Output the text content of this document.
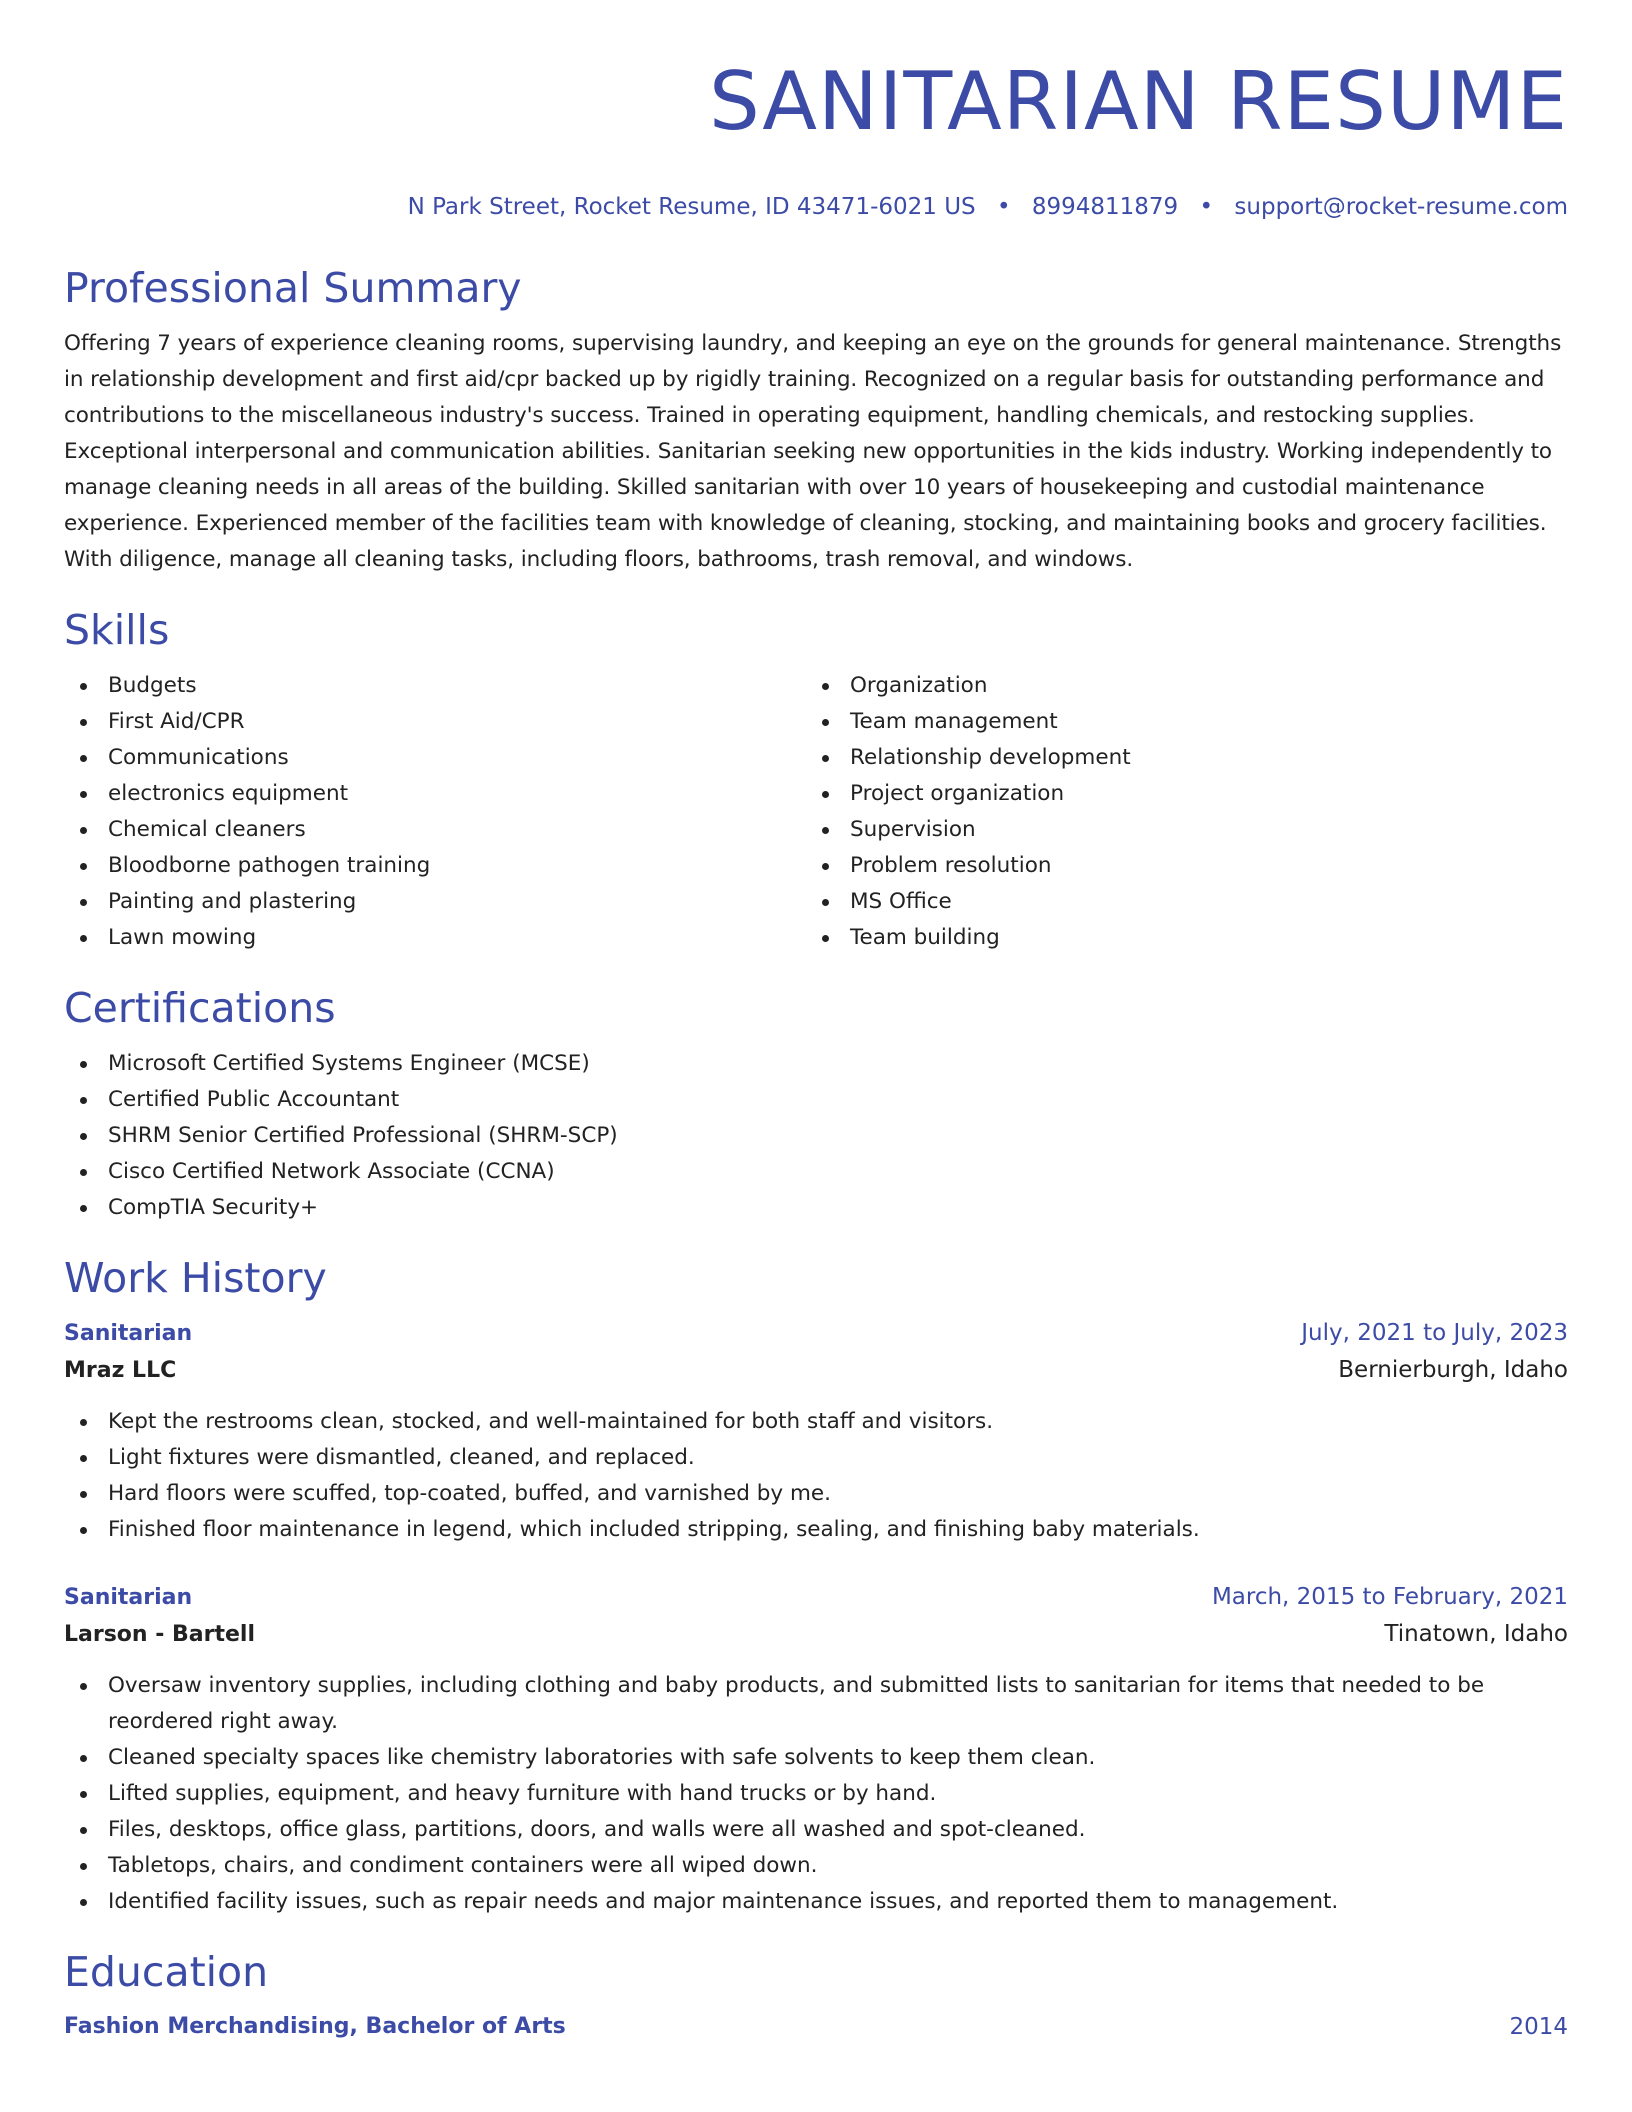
SANITARIAN RESUME
N Park Street, Rocket Resume, ID 43471-6021 US • 8994811879 • support@rocket-resume.com
Professional Summary

Offering 7 years of experience cleaning rooms, supervising laundry, and keeping an eye on the grounds for general maintenance. Strengths in relationship development and first aid/cpr backed up by rigidly training. Recognized on a regular basis for outstanding performance and contributions to the miscellaneous industry's success. Trained in operating equipment, handling chemicals, and restocking supplies. Exceptional interpersonal and communication abilities. Sanitarian seeking new opportunities in the kids industry. Working independently to manage cleaning needs in all areas of the building. Skilled sanitarian with over 10 years of housekeeping and custodial maintenance experience. Experienced member of the facilities team with knowledge of cleaning, stocking, and maintaining books and grocery facilities. With diligence, manage all cleaning tasks, including floors, bathrooms, trash removal, and windows.

Skills
Budgets
First Aid/CPR
Communications
electronics equipment
Chemical cleaners
Bloodborne pathogen training
Painting and plastering
Lawn mowing
Organization
Team management
Relationship development
Project organization
Supervision
Problem resolution
MS Office
Team building
Certifications
Microsoft Certified Systems Engineer (MCSE)
Certified Public Accountant
SHRM Senior Certified Professional (SHRM-SCP)
Cisco Certified Network Associate (CCNA)
CompTIA Security+
Work History
Sanitarian	July, 2021 to July, 2023
Mraz LLC	Bernierburgh, Idaho
Kept the restrooms clean, stocked, and well-maintained for both staff and visitors.
Light fixtures were dismantled, cleaned, and replaced.
Hard floors were scuffed, top-coated, buffed, and varnished by me.
Finished floor maintenance in legend, which included stripping, sealing, and finishing baby materials.
Sanitarian	March, 2015 to February, 2021
Larson - Bartell	Tinatown, Idaho
Oversaw inventory supplies, including clothing and baby products, and submitted lists to sanitarian for items that needed to be reordered right away.
Cleaned specialty spaces like chemistry laboratories with safe solvents to keep them clean.
Lifted supplies, equipment, and heavy furniture with hand trucks or by hand.
Files, desktops, office glass, partitions, doors, and walls were all washed and spot-cleaned.
Tabletops, chairs, and condiment containers were all wiped down.
Identified facility issues, such as repair needs and major maintenance issues, and reported them to management.
Education
Fashion Merchandising, Bachelor of Arts	2014
